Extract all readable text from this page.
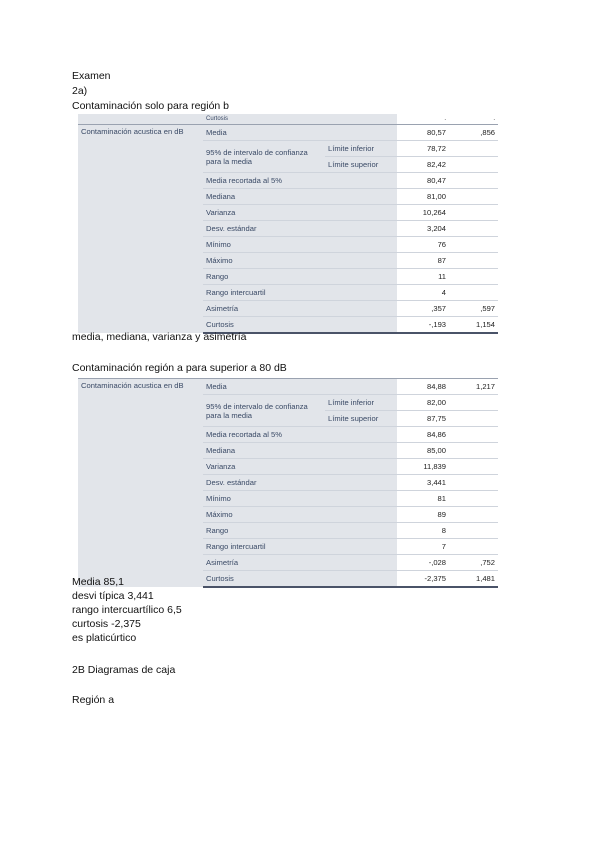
Examen
2a)
Contaminación solo para región b
	Curtosis		.	.
Contaminación acustica en dB	Media		80,57	,856
	95% de intervalo de confianza para la media	Límite inferior	78,72	
		Límite superior	82,42	
	Media recortada al 5%		80,47	
	Mediana		81,00	
	Varianza		10,264	
	Desv. estándar		3,204	
	Mínimo		76	
	Máximo		87	
	Rango		11	
	Rango intercuartil		4	
	Asimetría		,357	,597
	Curtosis		-,193	1,154
media, mediana, varianza y asimetría
Contaminación región a para superior a 80 dB
Contaminación acustica en dB	Media		84,88	1,217
	95% de intervalo de confianza para la media	Límite inferior	82,00	
		Límite superior	87,75	
	Media recortada al 5%		84,86	
	Mediana		85,00	
	Varianza		11,839	
	Desv. estándar		3,441	
	Mínimo		81	
	Máximo		89	
	Rango		8	
	Rango intercuartil		7	
	Asimetría		-,028	,752
	Curtosis		-2,375	1,481
Media 85,1
desvi típica 3,441
rango intercuartílico 6,5
curtosis -2,375
es platicúrtico
2B Diagramas de caja
Región a
